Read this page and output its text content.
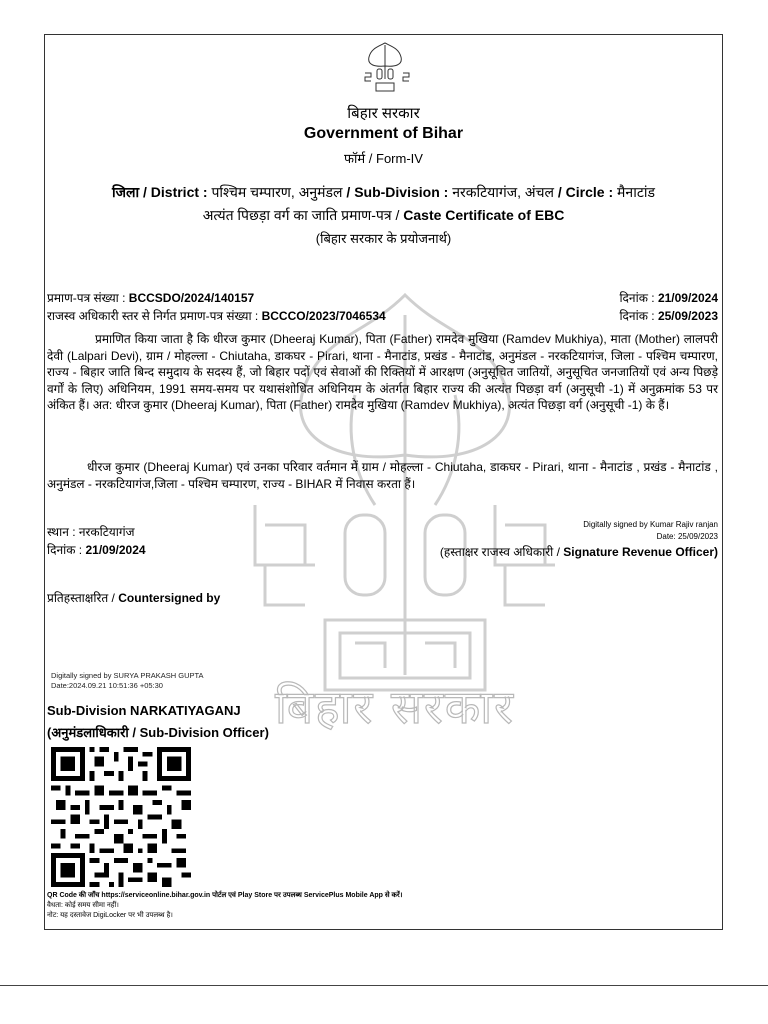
बिहार सरकार
बिहार सरकार
Government of Bihar
फॉर्म / Form-IV
जिला / District : पश्चिम चम्पारण, अनुमंडल / Sub-Division : नरकटियागंज, अंचल / Circle : मैनाटांड
अत्यंत पिछड़ा वर्ग का जाति प्रमाण-पत्र / Caste Certificate of EBC
(बिहार सरकार के प्रयोजनार्थ)
प्रमाण-पत्र संख्या : BCCSDO/2024/140157	दिनांक : 21/09/2024
राजस्व अधिकारी स्तर से निर्गत प्रमाण-पत्र संख्या : BCCCO/2023/7046534	दिनांक : 25/09/2023
प्रमाणित किया जाता है कि धीरज कुमार (Dheeraj Kumar), पिता (Father) रामदेव मुखिया (Ramdev Mukhiya), माता (Mother) लालपरी देवी (Lalpari Devi), ग्राम / मोहल्ला - Chiutaha, डाकघर - Pirari, थाना - मैनाटांड, प्रखंड - मैनाटांड, अनुमंडल - नरकटियागंज, जिला - पश्चिम चम्पारण, राज्य - बिहार जाति बिन्द समुदाय के सदस्य हैं, जो बिहार पदों एवं सेवाओं की रिक्तियों में आरक्षण (अनुसूचित जातियों, अनुसूचित जनजातियों एवं अन्य पिछड़े वर्गों के लिए) अधिनियम, 1991 समय-समय पर यथासंशोधित अधिनियम के अंतर्गत बिहार राज्य की अत्यंत पिछड़ा वर्ग (अनुसूची -1) में अनुक्रमांक 53 पर अंकित हैं। अत: धीरज कुमार (Dheeraj Kumar), पिता (Father) रामदेव मुखिया (Ramdev Mukhiya), अत्यंत पिछड़ा वर्ग (अनुसूची -1) के हैं।
धीरज कुमार (Dheeraj Kumar) एवं उनका परिवार वर्तमान में ग्राम / मोहल्ला - Chiutaha, डाकघर - Pirari, थाना - मैनाटांड , प्रखंड - मैनाटांड , अनुमंडल - नरकटियागंज,जिला - पश्चिम चम्पारण, राज्य - BIHAR में निवास करता हैं।
स्थान : नरकटियागंज
दिनांक : 21/09/2024
Digitally signed by Kumar Rajiv ranjan
Date: 25/09/2023
(हस्ताक्षर राजस्व अधिकारी / Signature Revenue Officer)
प्रतिहस्ताक्षरित / Countersigned by
Digitally signed by SURYA PRAKASH GUPTA
Date:2024.09.21 10:51:36 +05:30
Sub-Division NARKATIYAGANJ
(अनुमंडलाधिकारी / Sub-Division Officer)
QR Code की जाँच https://serviceonline.bihar.gov.in पोर्टल एवं Play Store पर उपलब्ध ServicePlus Mobile App से करें।
वैधता: कोई समय सीमा नहीं।
नोट: यह दस्तावेज DigiLocker पर भी उपलब्ध है।
